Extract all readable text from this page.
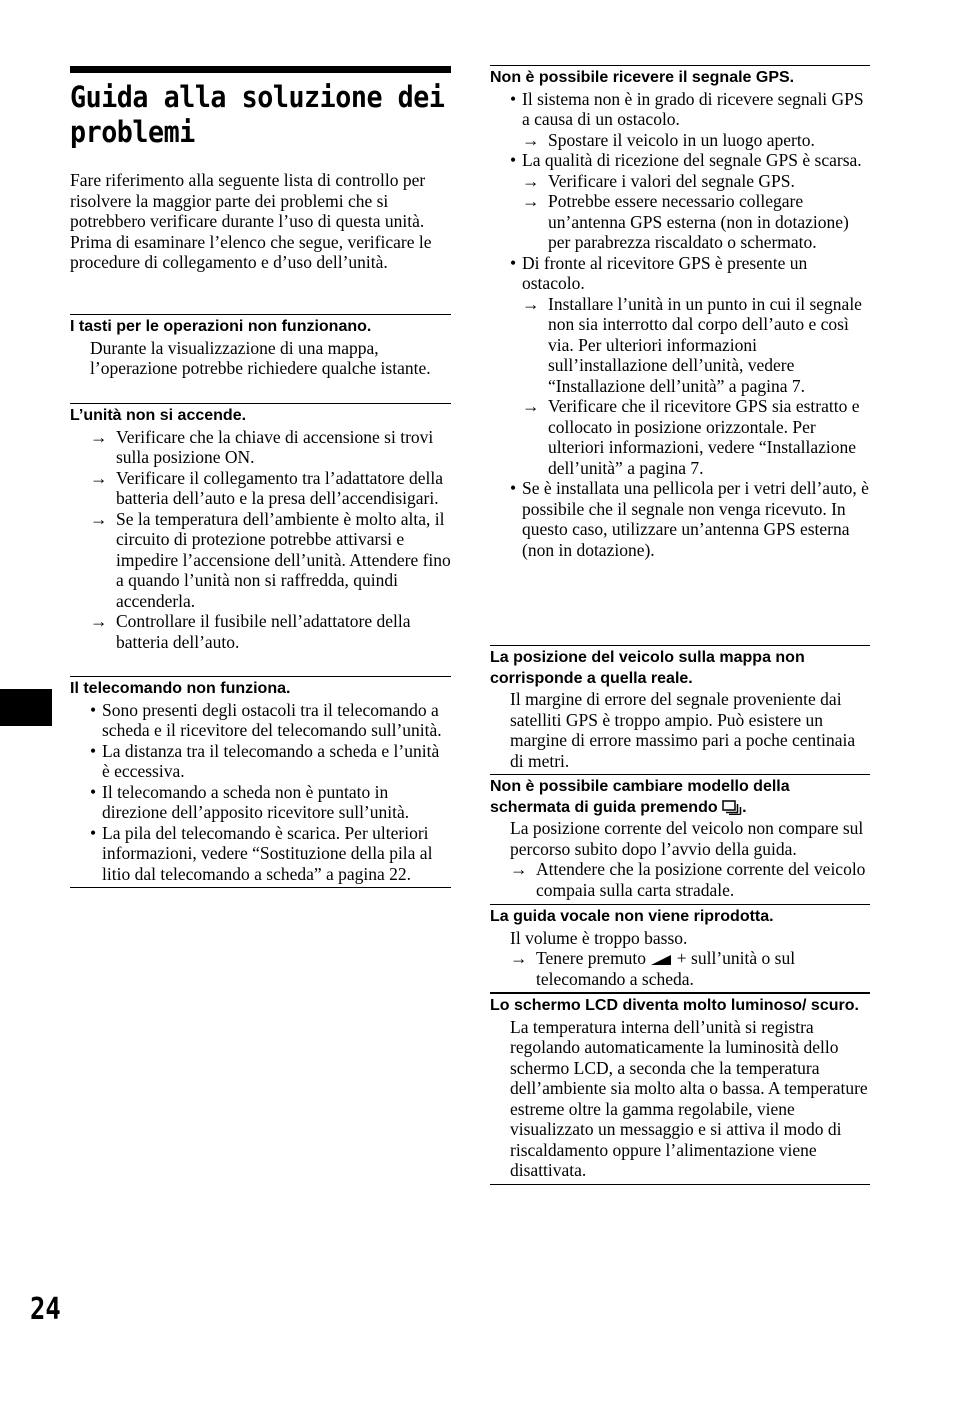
Guida alla soluzione dei
problemi
Fare riferimento alla seguente lista di controllo per risolvere la maggior parte dei problemi che si potrebbero verificare durante l’uso di questa unità.
Prima di esaminare l’elenco che segue, verificare le procedure di collegamento e d’uso dell’unità.
I tasti per le operazioni non funzionano.
Durante la visualizzazione di una mappa, l’operazione potrebbe richiedere qualche istante.
L’unità non si accende.
→ Verificare che la chiave di accensione si trovi sulla posizione ON.
→ Verificare il collegamento tra l’adattatore della batteria dell’auto e la presa dell’accendisigari.
→ Se la temperatura dell’ambiente è molto alta, il circuito di protezione potrebbe attivarsi e impedire l’accensione dell’unità. Attendere fino a quando l’unità non si raffredda, quindi accenderla.
→ Controllare il fusibile nell’adattatore della batteria dell’auto.
Il telecomando non funziona.
• Sono presenti degli ostacoli tra il telecomando a scheda e il ricevitore del telecomando sull’unità.
• La distanza tra il telecomando a scheda e l’unità è eccessiva.
• Il telecomando a scheda non è puntato in direzione dell’apposito ricevitore sull’unità.
• La pila del telecomando è scarica. Per ulteriori informazioni, vedere “Sostituzione della pila al litio dal telecomando a scheda” a pagina 22.
Non è possibile ricevere il segnale GPS.
• Il sistema non è in grado di ricevere segnali GPS a causa di un ostacolo.
→ Spostare il veicolo in un luogo aperto.
• La qualità di ricezione del segnale GPS è scarsa.
→ Verificare i valori del segnale GPS.
→ Potrebbe essere necessario collegare un’antenna GPS esterna (non in dotazione) per parabrezza riscaldato o schermato.
• Di fronte al ricevitore GPS è presente un ostacolo.
→ Installare l’unità in un punto in cui il segnale non sia interrotto dal corpo dell’auto e così via. Per ulteriori informazioni sull’installazione dell’unità, vedere “Installazione dell’unità” a pagina 7.
→ Verificare che il ricevitore GPS sia estratto e collocato in posizione orizzontale. Per ulteriori informazioni, vedere “Installazione dell’unità” a pagina 7.
• Se è installata una pellicola per i vetri dell’auto, è possibile che il segnale non venga ricevuto. In questo caso, utilizzare un’antenna GPS esterna (non in dotazione).
La posizione del veicolo sulla mappa non corrisponde a quella reale.
Il margine di errore del segnale proveniente dai satelliti GPS è troppo ampio. Può esistere un margine di errore massimo pari a poche centinaia di metri.
Non è possibile cambiare modello della
schermata di guida premendo .
La posizione corrente del veicolo non compare sul percorso subito dopo l’avvio della guida.
→ Attendere che la posizione corrente del veicolo compaia sulla carta stradale.
La guida vocale non viene riprodotta.
Il volume è troppo basso.
→ Tenere premuto + sull’unità o sul telecomando a scheda.
Lo schermo LCD diventa molto luminoso/ scuro.
La temperatura interna dell’unità si registra regolando automaticamente la luminosità dello schermo LCD, a seconda che la temperatura dell’ambiente sia molto alta o bassa. A temperature estreme oltre la gamma regolabile, viene visualizzato un messaggio e si attiva il modo di riscaldamento oppure l’alimentazione viene disattivata.
24
